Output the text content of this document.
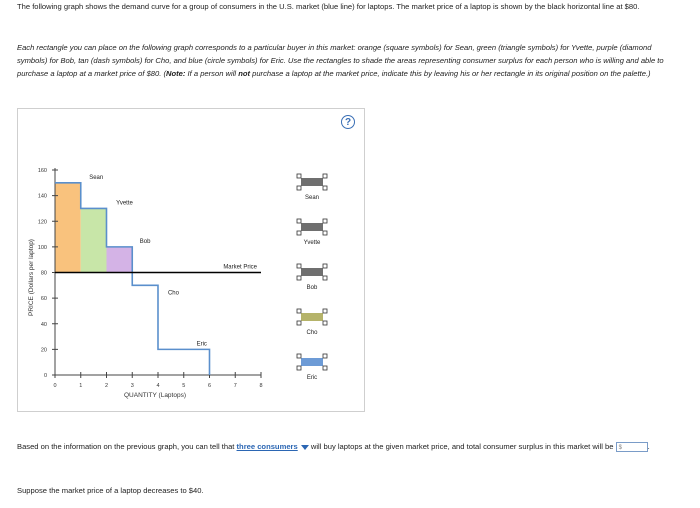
The following graph shows the demand curve for a group of consumers in the U.S. market (blue line) for laptops. The market price of a laptop is shown by the black horizontal line at $80.

Each rectangle you can place on the following graph corresponds to a particular buyer in this market: orange (square symbols) for Sean, green (triangle symbols) for Yvette, purple (diamond symbols) for Bob, tan (dash symbols) for Cho, and blue (circle symbols) for Eric. Use the rectangles to shade the areas representing consumer surplus for each person who is willing and able to purchase a laptop at a market price of $80. (Note: If a person will not purchase a laptop at the market price, indicate this by leaving his or her rectangle in its original position on the palette.)

?
0
20
40
60
80
100
120
140
160
0	1	2	3	4	5	6	7	8
QUANTITY (Laptops)
PRICE (Dollars per laptop)	Market Price
Sean
Yvette
Bob
Cho
Eric
Sean
Yvette
Bob
Cho
Eric

Based on the information on the previous graph, you can tell that three consumers will buy laptops at the given market price, and total consumer surplus in this market will be $	.

Suppose the market price of a laptop decreases to $40.
